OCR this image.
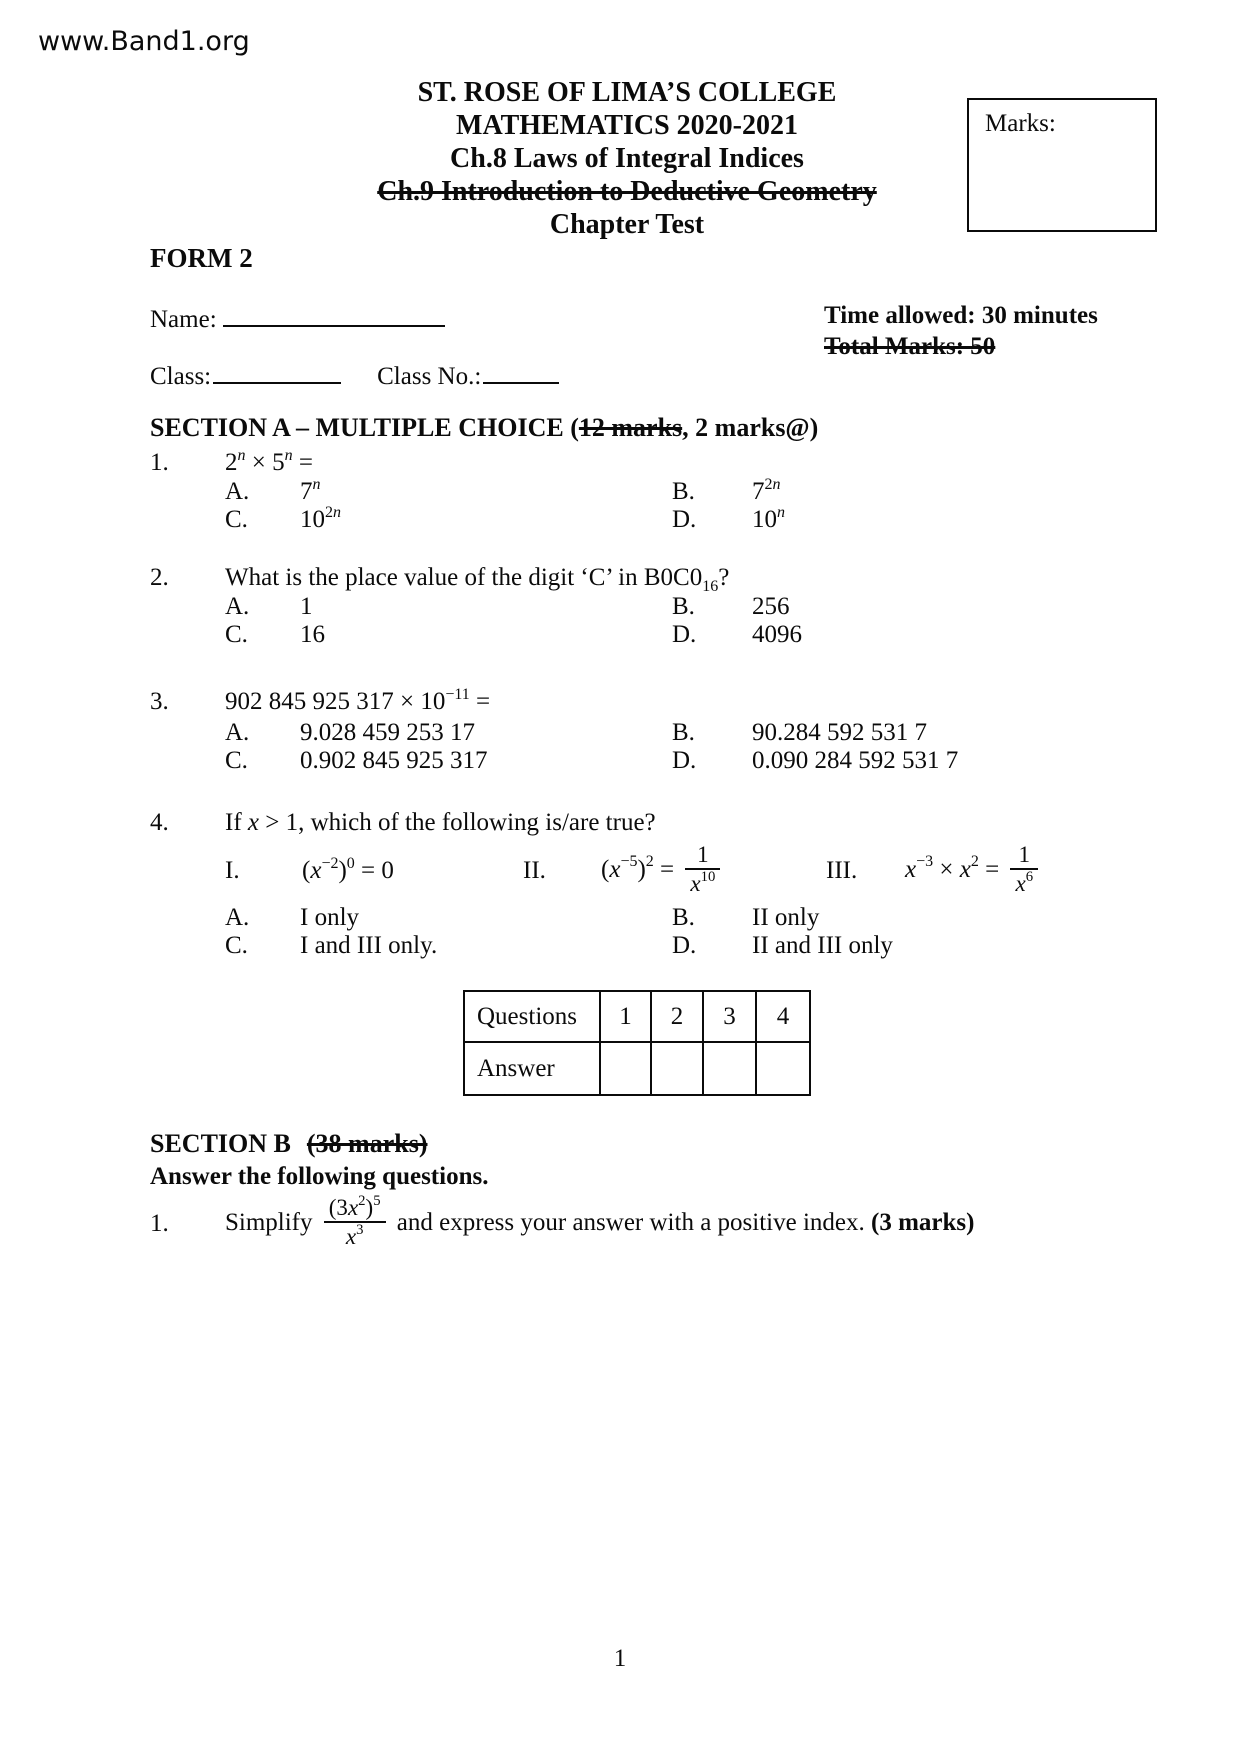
www.Band1.org
ST. ROSE OF LIMA’S COLLEGE
MATHEMATICS 2020-2021
Ch.8 Laws of Integral Indices
Ch.9 Introduction to Deductive Geometry
Chapter Test
Marks:
FORM 2
Name:	Time allowed: 30 minutes
Total Marks: 50
Class:	Class No.:
SECTION A – MULTIPLE CHOICE (12 marks, 2 marks@)
1.	$2^n \times 5^n$ =
A.	7$^n$	B.	$7^{2n}$
C.	$10^{2n}$	D.	10$^n$
2.	What is the place value of the digit ‘C’ in $B0C0_{16}$?
A.	1	B.	256
C.	16	D.	4096
3.	902 845 925 $317 \times 10^{-11}$ =
A.	9.028 459 253 17	B.	90.284 592 531 7
C.	0.902 845 925 317	D.	0.090 284 592 531 7
4.	If x > 1, which of the following is/are true?
I.	$(x^{-2})^0 = 0$	II.	$(x^{-5})^2 = \frac{1}{x^{10}}$	III.	$x^{-3} \times x^2 = \frac{1}{x^6}$
A.	I only	B.	II only
C.	I and III only.	D.	II and III only
Questions	1	2	3	4
Answer				
SECTION B (38 marks)
Answer the following questions.
1.	Simplify $\frac{(3x^2)^5}{x^3}$ and express your answer with a positive index. (3 marks)
1
